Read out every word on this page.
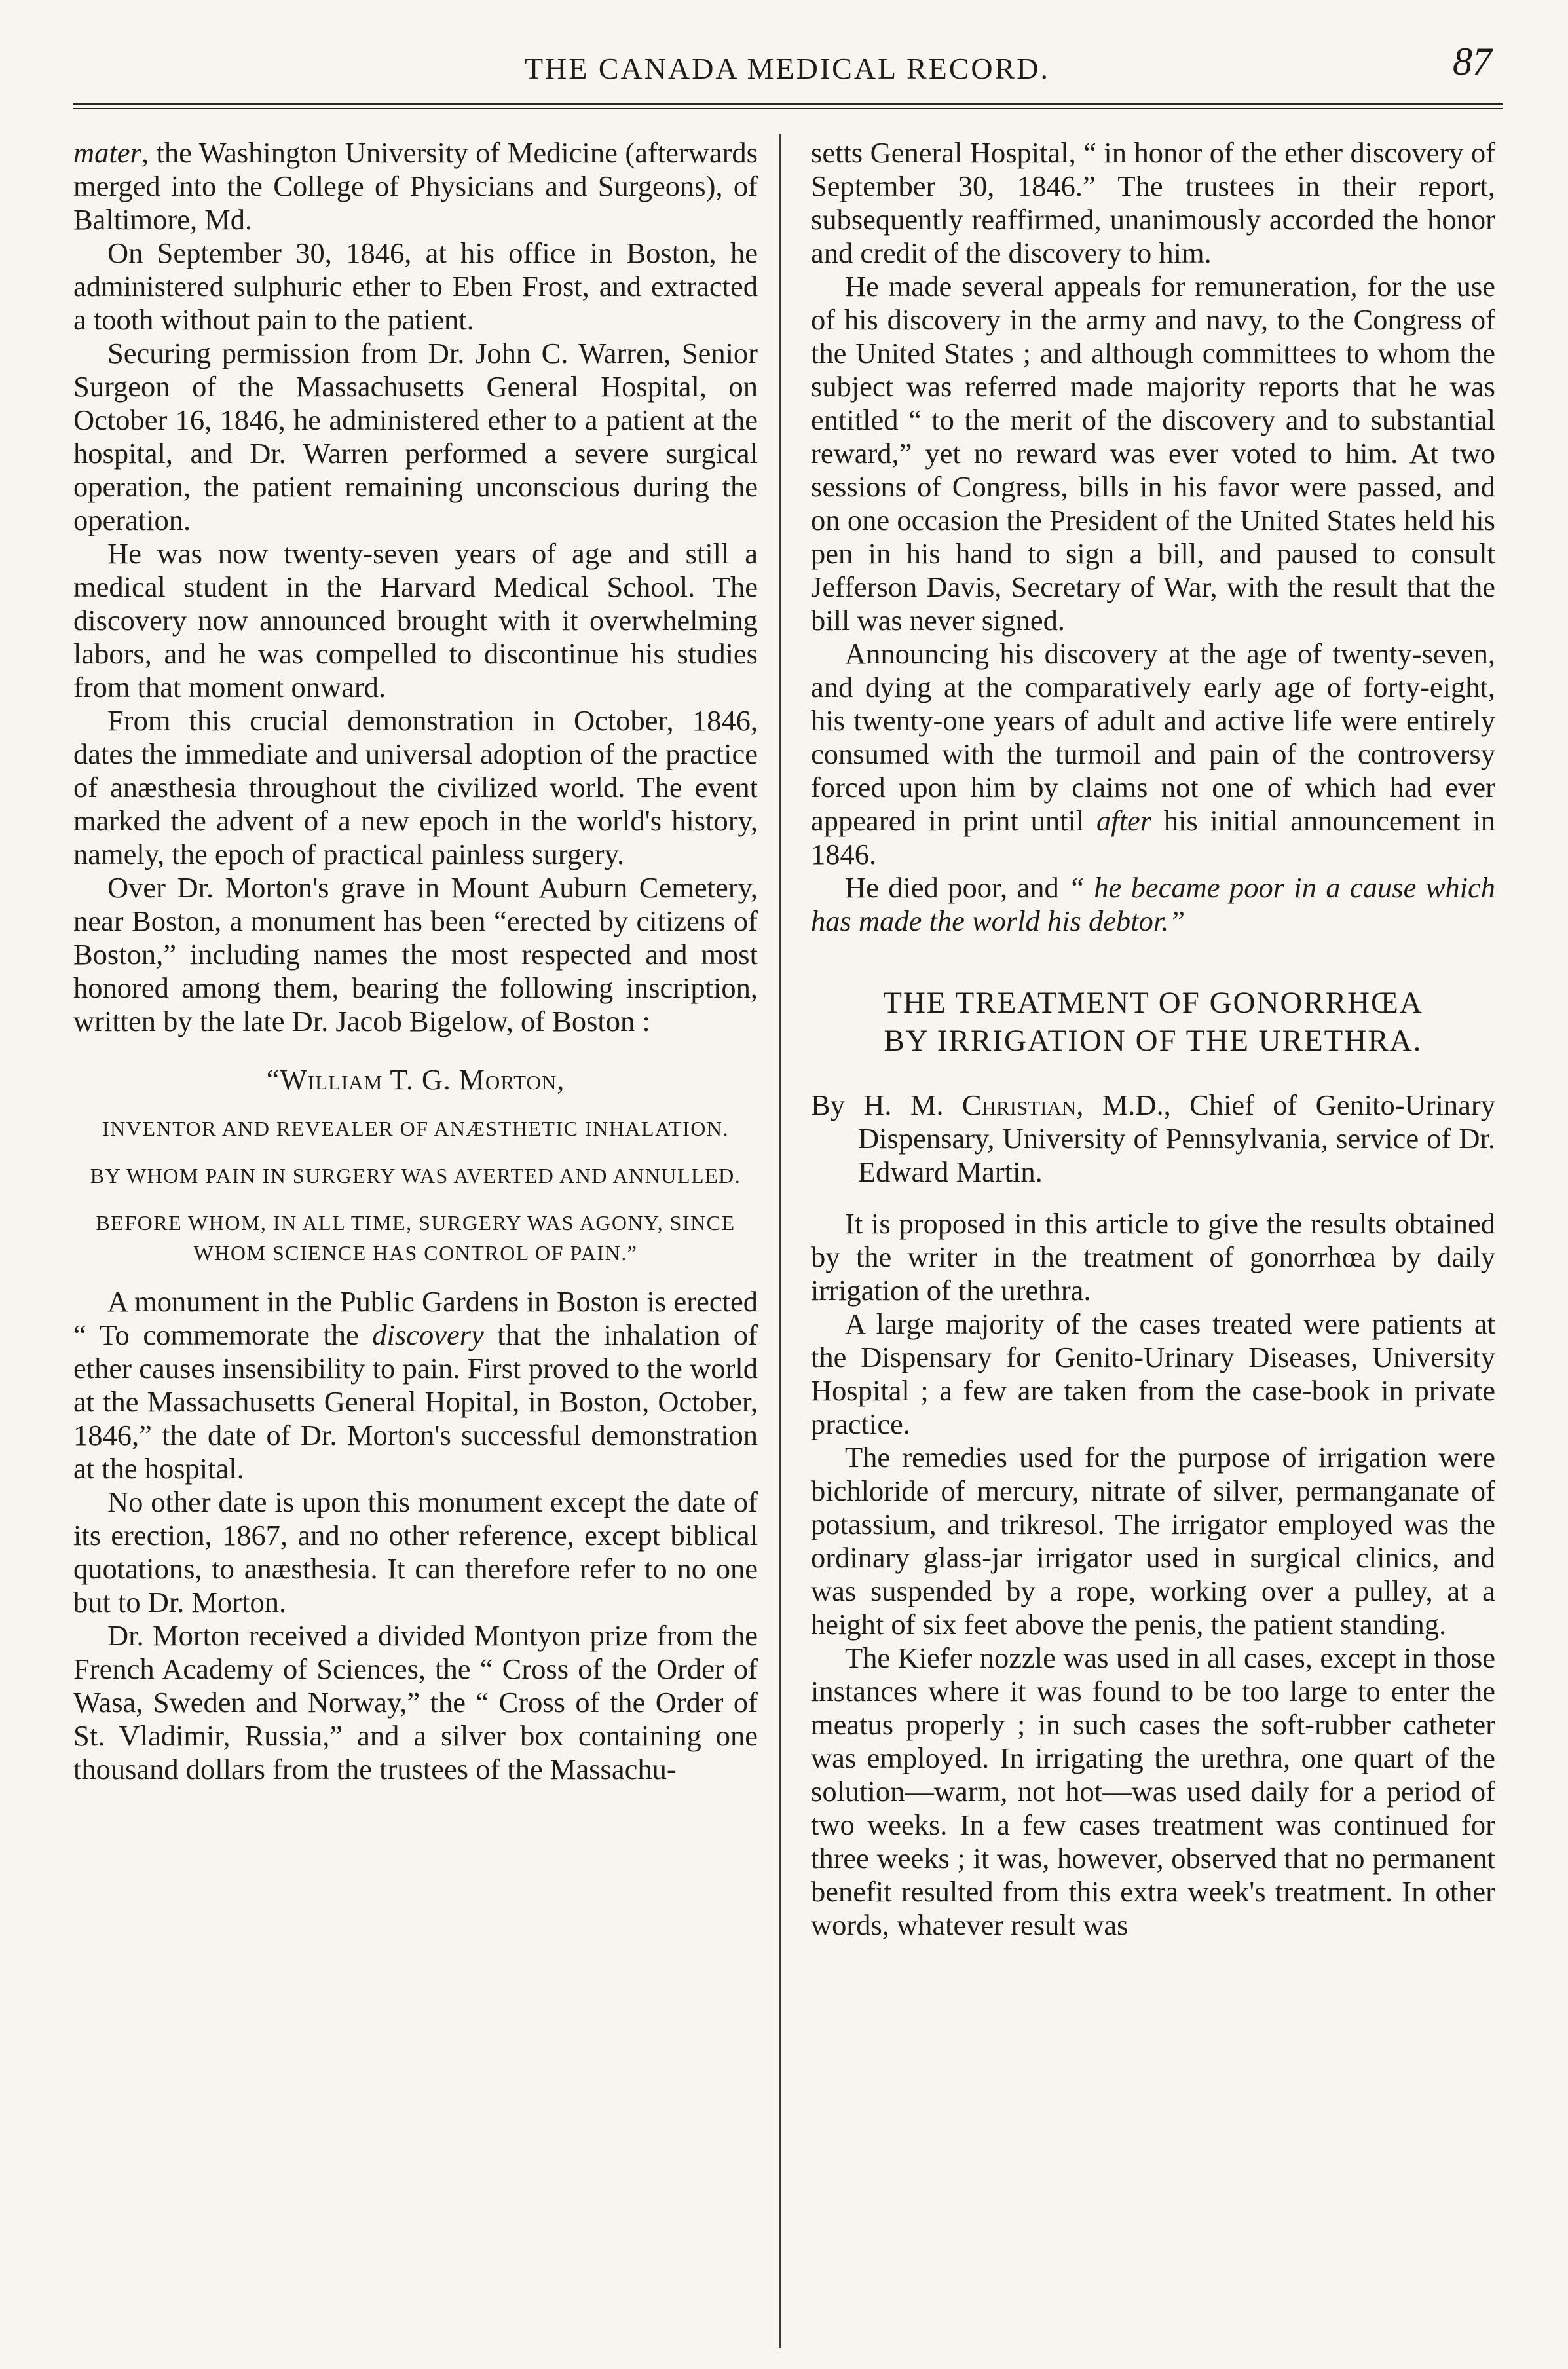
THE CANADA MEDICAL RECORD.	87

mater, the Washington University of Medicine (afterwards merged into the College of Physicians and Surgeons), of Baltimore, Md.

On September 30, 1846, at his office in Boston, he administered sulphuric ether to Eben Frost, and extracted a tooth without pain to the patient.

Securing permission from Dr. John C. Warren, Senior Surgeon of the Massachusetts General Hospital, on October 16, 1846, he administered ether to a patient at the hospital, and Dr. Warren performed a severe surgical operation, the patient remaining unconscious during the operation.

He was now twenty-seven years of age and still a medical student in the Harvard Medical School. The discovery now announced brought with it overwhelming labors, and he was compelled to discontinue his studies from that moment onward.

From this crucial demonstration in October, 1846, dates the immediate and universal adoption of the practice of anæsthesia throughout the civilized world. The event marked the advent of a new epoch in the world's history, namely, the epoch of practical painless surgery.

Over Dr. Morton's grave in Mount Auburn Cemetery, near Boston, a monument has been “erected by citizens of Boston,” including names the most respected and most honored among them, bearing the following inscription, written by the late Dr. Jacob Bigelow, of Boston :

“William T. G. Morton,
INVENTOR AND REVEALER OF ANÆSTHETIC INHALATION.
BY WHOM PAIN IN SURGERY WAS AVERTED AND ANNULLED.
BEFORE WHOM, IN ALL TIME, SURGERY WAS AGONY, SINCE WHOM SCIENCE HAS CONTROL OF PAIN.”

A monument in the Public Gardens in Boston is erected “ To commemorate the discovery that the inhalation of ether causes insensibility to pain. First proved to the world at the Massachusetts General Hopital, in Boston, October, 1846,” the date of Dr. Morton's successful demonstration at the hospital.

No other date is upon this monument except the date of its erection, 1867, and no other reference, except biblical quotations, to anæsthesia. It can therefore refer to no one but to Dr. Morton.

Dr. Morton received a divided Montyon prize from the French Academy of Sciences, the “ Cross of the Order of Wasa, Sweden and Norway,” the “ Cross of the Order of St. Vladimir, Russia,” and a silver box containing one thousand dollars from the trustees of the Massachu-

setts General Hospital, “ in honor of the ether discovery of September 30, 1846.” The trustees in their report, subsequently reaffirmed, unanimously accorded the honor and credit of the discovery to him.

He made several appeals for remuneration, for the use of his discovery in the army and navy, to the Congress of the United States ; and although committees to whom the subject was referred made majority reports that he was entitled “ to the merit of the discovery and to substantial reward,” yet no reward was ever voted to him. At two sessions of Congress, bills in his favor were passed, and on one occasion the President of the United States held his pen in his hand to sign a bill, and paused to consult Jefferson Davis, Secretary of War, with the result that the bill was never signed.

Announcing his discovery at the age of twenty-seven, and dying at the comparatively early age of forty-eight, his twenty-one years of adult and active life were entirely consumed with the turmoil and pain of the controversy forced upon him by claims not one of which had ever appeared in print until after his initial announcement in 1846.

He died poor, and “ he became poor in a cause which has made the world his debtor.”

THE TREATMENT OF GONORRHŒA
BY IRRIGATION OF THE URETHRA.

By H. M. Christian, M.D., Chief of Genito-Urinary Dispensary, University of Pennsylvania, service of Dr. Edward Martin.

It is proposed in this article to give the results obtained by the writer in the treatment of gonorrhœa by daily irrigation of the urethra.

A large majority of the cases treated were patients at the Dispensary for Genito-Urinary Diseases, University Hospital ; a few are taken from the case-book in private practice.

The remedies used for the purpose of irrigation were bichloride of mercury, nitrate of silver, permanganate of potassium, and trikresol. The irrigator employed was the ordinary glass-jar irrigator used in surgical clinics, and was suspended by a rope, working over a pulley, at a height of six feet above the penis, the patient standing.

The Kiefer nozzle was used in all cases, except in those instances where it was found to be too large to enter the meatus properly ; in such cases the soft-rubber catheter was employed. In irrigating the urethra, one quart of the solution—warm, not hot—was used daily for a period of two weeks. In a few cases treatment was continued for three weeks ; it was, however, observed that no permanent benefit resulted from this extra week's treatment. In other words, whatever result was
